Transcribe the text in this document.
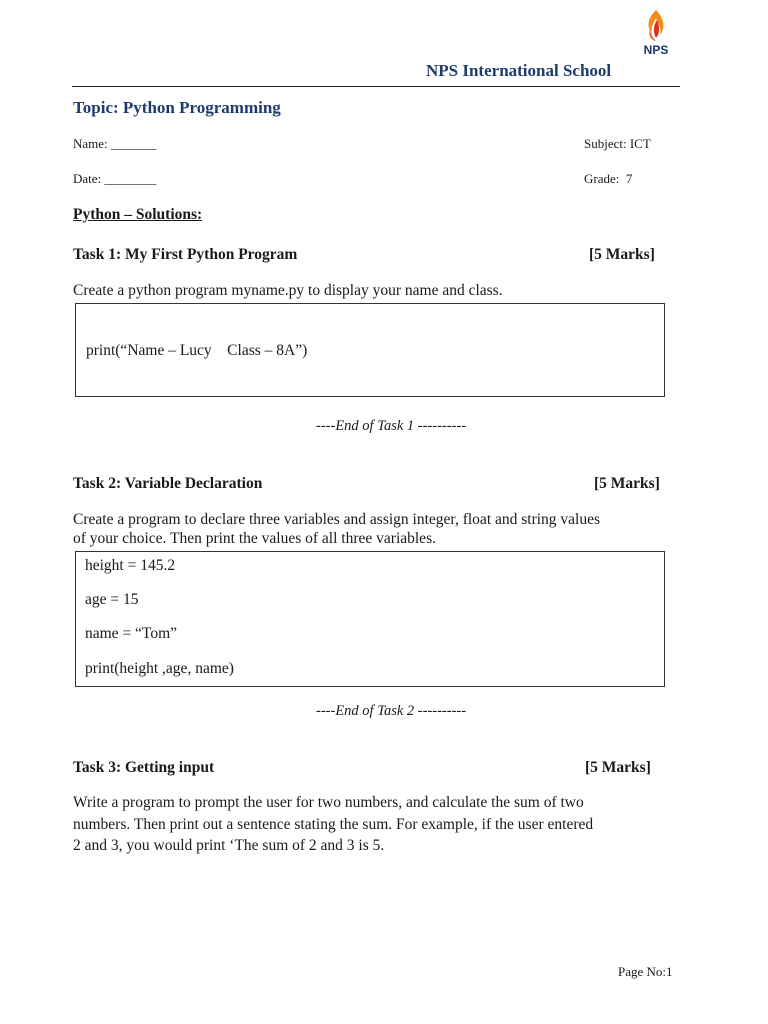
NPS
NPS International School
Topic: Python Programming
Name: _______	Subject: ICT
Date: ________	Grade:  7
Python – Solutions:
Task 1: My First Python Program	[5 Marks]
Create a python program myname.py to display your name and class.
print(“Name – Lucy    Class – 8A”)
----End of Task 1 ----------
Task 2: Variable Declaration	[5 Marks]
Create a program to declare three variables and assign integer, float and string values
of your choice. Then print the values of all three variables.
height = 145.2
age = 15
name = “Tom”
print(height ,age, name)
----End of Task 2 ----------
Task 3: Getting input	[5 Marks]
Write a program to prompt the user for two numbers, and calculate the sum of two
numbers. Then print out a sentence stating the sum. For example, if the user entered
2 and 3, you would print ‘The sum of 2 and 3 is 5.
Page No:1
